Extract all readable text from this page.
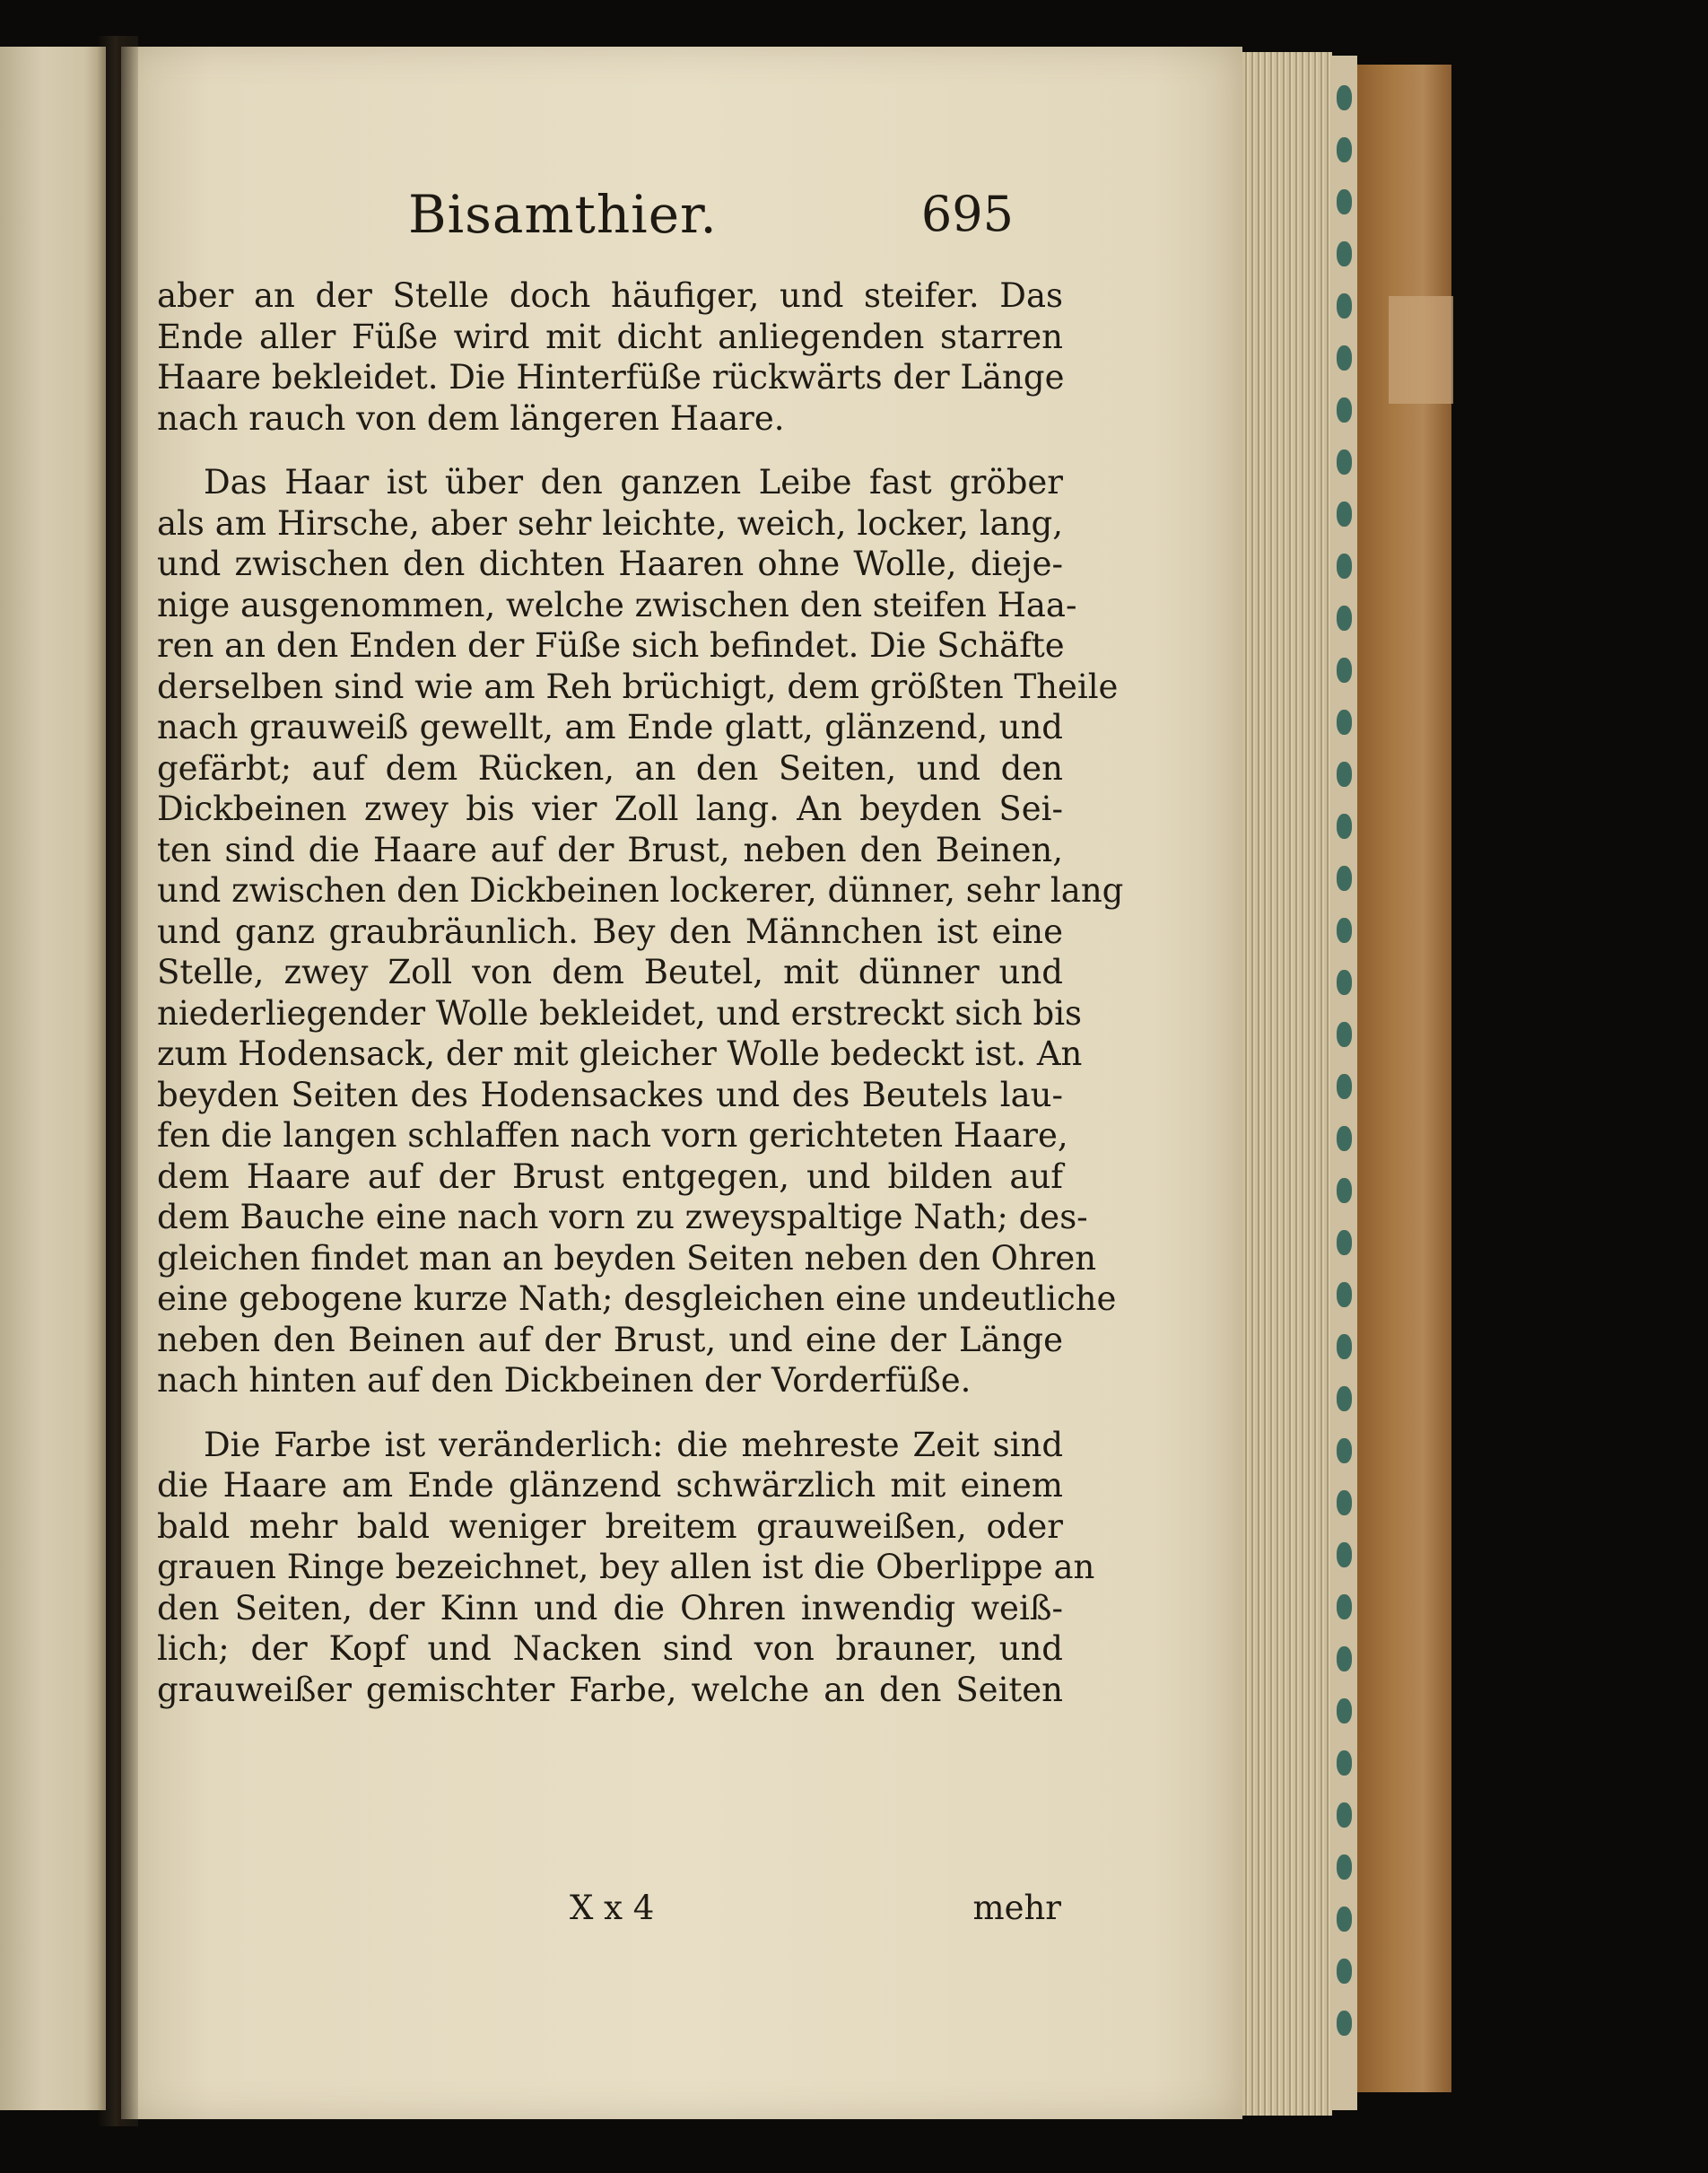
Bisamthier.	695
aber an der Stelle doch häufiger, und steifer. Das
Ende aller Füße wird mit dicht anliegenden starren
Haare bekleidet. Die Hinterfüße rückwärts der Länge
nach rauch von dem längeren Haare.
Das Haar ist über den ganzen Leibe fast gröber
als am Hirsche, aber sehr leichte, weich, locker, lang,
und zwischen den dichten Haaren ohne Wolle, dieje-
nige ausgenommen, welche zwischen den steifen Haa-
ren an den Enden der Füße sich befindet. Die Schäfte
derselben sind wie am Reh brüchigt, dem größten Theile
nach grauweiß gewellt, am Ende glatt, glänzend, und
gefärbt; auf dem Rücken, an den Seiten, und den
Dickbeinen zwey bis vier Zoll lang. An beyden Sei-
ten sind die Haare auf der Brust, neben den Beinen,
und zwischen den Dickbeinen lockerer, dünner, sehr lang
und ganz graubräunlich. Bey den Männchen ist eine
Stelle, zwey Zoll von dem Beutel, mit dünner und
niederliegender Wolle bekleidet, und erstreckt sich bis
zum Hodensack, der mit gleicher Wolle bedeckt ist. An
beyden Seiten des Hodensackes und des Beutels lau-
fen die langen schlaffen nach vorn gerichteten Haare,
dem Haare auf der Brust entgegen, und bilden auf
dem Bauche eine nach vorn zu zweyspaltige Nath; des-
gleichen findet man an beyden Seiten neben den Ohren
eine gebogene kurze Nath; desgleichen eine undeutliche
neben den Beinen auf der Brust, und eine der Länge
nach hinten auf den Dickbeinen der Vorderfüße.
Die Farbe ist veränderlich: die mehreste Zeit sind
die Haare am Ende glänzend schwärzlich mit einem
bald mehr bald weniger breitem grauweißen, oder
grauen Ringe bezeichnet, bey allen ist die Oberlippe an
den Seiten, der Kinn und die Ohren inwendig weiß-
lich; der Kopf und Nacken sind von brauner, und
grauweißer gemischter Farbe, welche an den Seiten
X x 4	mehr
